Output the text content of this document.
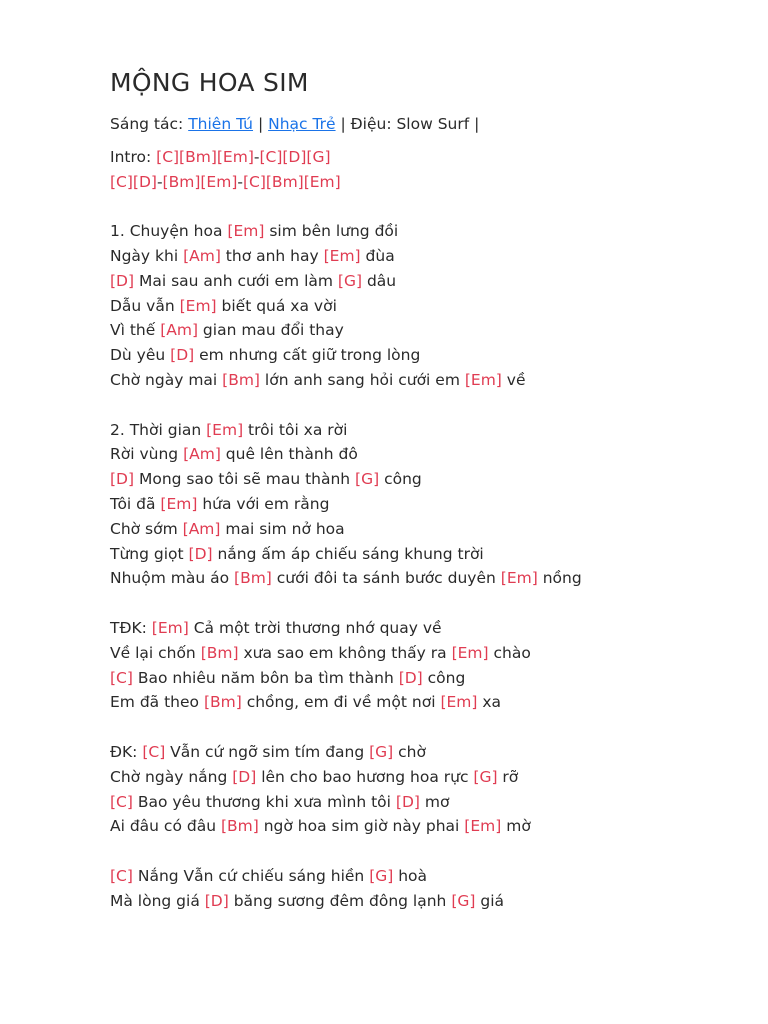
MỘNG HOA SIM
Sáng tác: Thiên Tú | Nhạc Trẻ | Điệu: Slow Surf |
Intro: [C][Bm][Em]-[C][D][G]
[C][D]-[Bm][Em]-[C][Bm][Em]
1. Chuyện hoa [Em] sim bên lưng đồi
Ngày khi [Am] thơ anh hay [Em] đùa
[D] Mai sau anh cưới em làm [G] dâu
Dẫu vẫn [Em] biết quá xa vời
Vì thế [Am] gian mau đổi thay
Dù yêu [D] em nhưng cất giữ trong lòng
Chờ ngày mai [Bm] lớn anh sang hỏi cưới em [Em] về
2. Thời gian [Em] trôi tôi xa rời
Rời vùng [Am] quê lên thành đô
[D] Mong sao tôi sẽ mau thành [G] công
Tôi đã [Em] hứa với em rằng
Chờ sớm [Am] mai sim nở hoa
Từng giọt [D] nắng ấm áp chiếu sáng khung trời
Nhuộm màu áo [Bm] cưới đôi ta sánh bước duyên [Em] nồng
TĐK: [Em] Cả một trời thương nhớ quay về
Về lại chốn [Bm] xưa sao em không thấy ra [Em] chào
[C] Bao nhiêu năm bôn ba tìm thành [D] công
Em đã theo [Bm] chồng, em đi về một nơi [Em] xa
ĐK: [C] Vẫn cứ ngỡ sim tím đang [G] chờ
Chờ ngày nắng [D] lên cho bao hương hoa rực [G] rỡ
[C] Bao yêu thương khi xưa mình tôi [D] mơ
Ai đâu có đâu [Bm] ngờ hoa sim giờ này phai [Em] mờ
[C] Nắng Vẫn cứ chiếu sáng hiền [G] hoà
Mà lòng giá [D] băng sương đêm đông lạnh [G] giá
